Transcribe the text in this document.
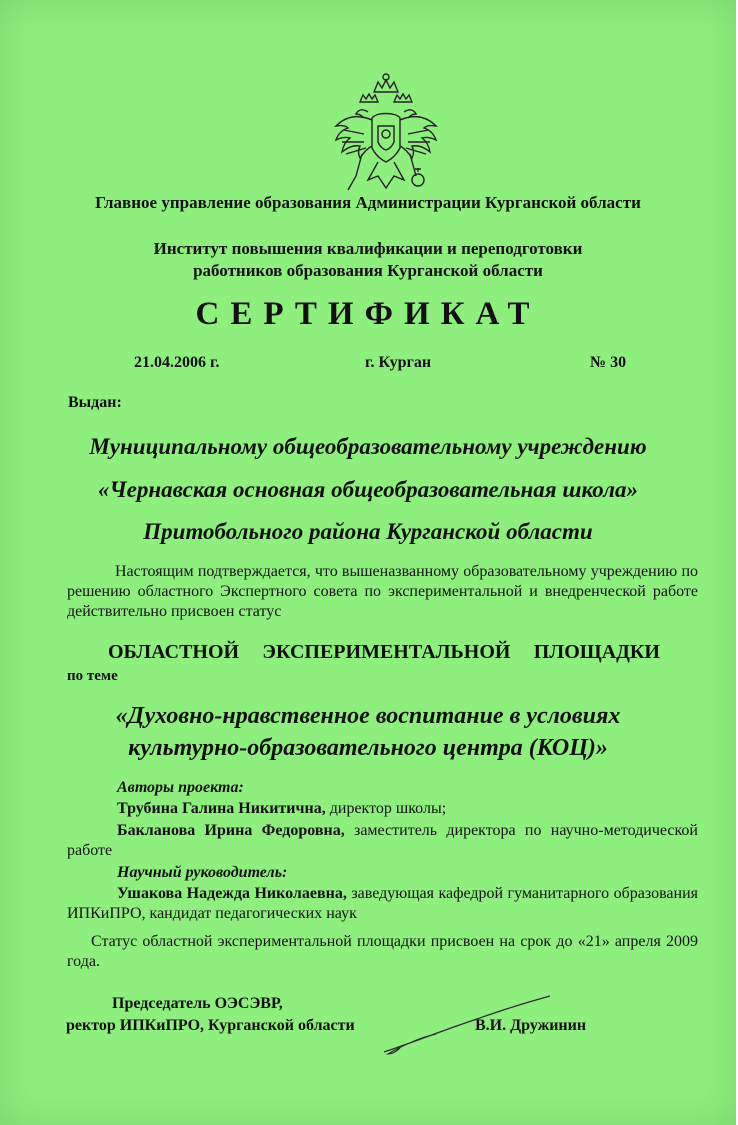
Главное управление образования Администрации Курганской области
Институт повышения квалификации и переподготовки
работников образования Курганской области
СЕРТИФИКАТ
21.04.2006 г.	г. Курган	№ 30
Выдан:
Муниципальному общеобразовательному учреждению
«Чернавская основная общеобразовательная школа»
Притобольного района Курганской области
Настоящим подтверждается, что вышеназванному образовательному учреждению по решению областного Экспертного совета по экспериментальной и внедренческой работе действительно присвоен статус
ОБЛАСТНОЙ ЭКСПЕРИМЕНТАЛЬНОЙ ПЛОЩАДКИ
по теме
«Духовно-нравственное воспитание в условиях
культурно-образовательного центра (КОЦ)»
Авторы проекта:
Трубина Галина Никитична, директор школы;
Бакланова Ирина Федоровна, заместитель директора по научно-методической работе
Научный руководитель:
Ушакова Надежда Николаевна, заведующая кафедрой гуманитарного образования ИПКиПРО, кандидат педагогических наук
Статус областной экспериментальной площадки присвоен на срок до «21» апреля 2009 года.
Председатель ОЭСЭВР,
ректор ИПКиПРО, Курганской области	В.И. Дружинин
